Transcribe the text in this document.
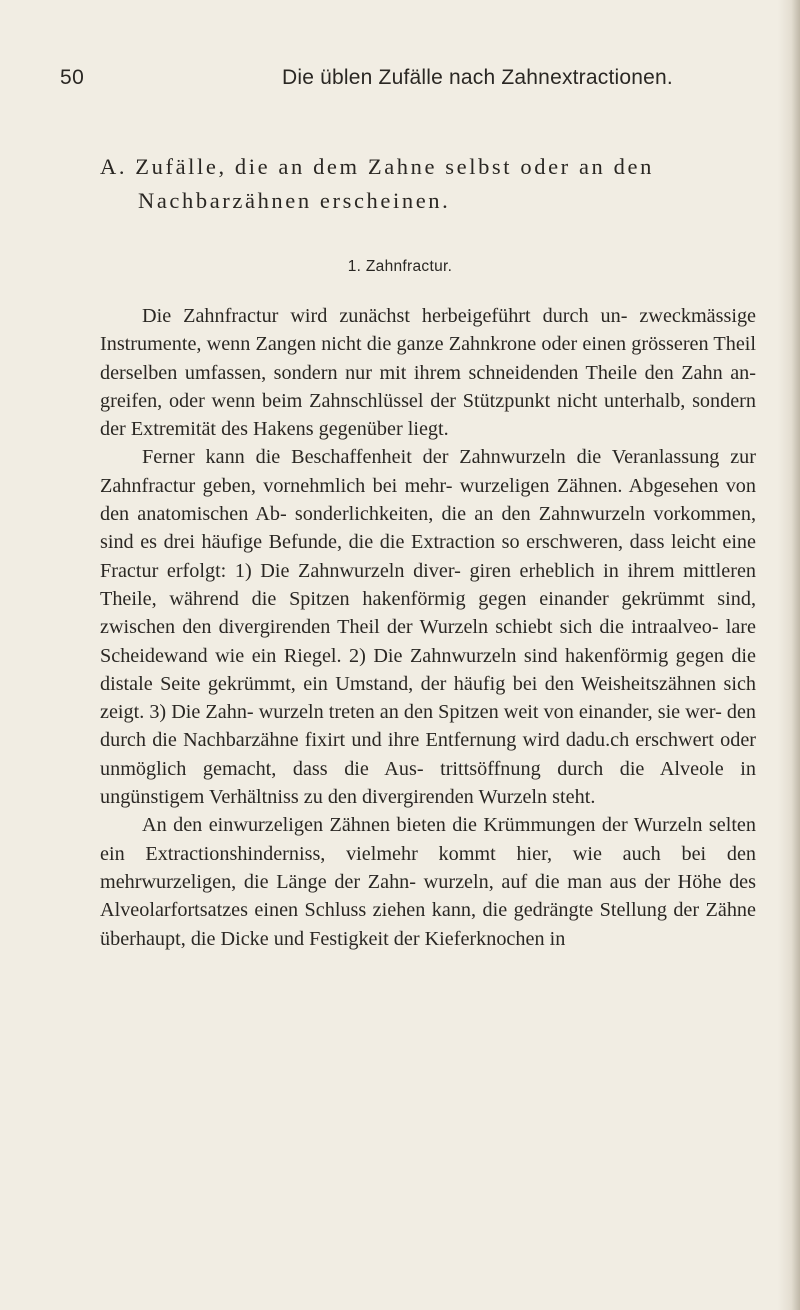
50	Die üblen Zufälle nach Zahnextractionen.
A. Zufälle, die an dem Zahne selbst oder an den
Nachbarzähnen erscheinen.
1. Zahnfractur.

Die Zahnfractur wird zunächst herbeigeführt durch un- zweckmässige Instrumente, wenn Zangen nicht die ganze Zahnkrone oder einen grösseren Theil derselben umfassen, sondern nur mit ihrem schneidenden Theile den Zahn an- greifen, oder wenn beim Zahnschlüssel der Stützpunkt nicht unterhalb, sondern der Extremität des Hakens gegenüber liegt.

Ferner kann die Beschaffenheit der Zahnwurzeln die Veranlassung zur Zahnfractur geben, vornehmlich bei mehr- wurzeligen Zähnen. Abgesehen von den anatomischen Ab- sonderlichkeiten, die an den Zahnwurzeln vorkommen, sind es drei häufige Befunde, die die Extraction so erschweren, dass leicht eine Fractur erfolgt: 1) Die Zahnwurzeln diver- giren erheblich in ihrem mittleren Theile, während die Spitzen hakenförmig gegen einander gekrümmt sind, zwischen den divergirenden Theil der Wurzeln schiebt sich die intraalveo- lare Scheidewand wie ein Riegel. 2) Die Zahnwurzeln sind hakenförmig gegen die distale Seite gekrümmt, ein Umstand, der häufig bei den Weisheitszähnen sich zeigt. 3) Die Zahn- wurzeln treten an den Spitzen weit von einander, sie wer- den durch die Nachbarzähne fixirt und ihre Entfernung wird dadu.ch erschwert oder unmöglich gemacht, dass die Aus- trittsöffnung durch die Alveole in ungünstigem Verhältniss zu den divergirenden Wurzeln steht.

An den einwurzeligen Zähnen bieten die Krümmungen der Wurzeln selten ein Extractionshinderniss, vielmehr kommt hier, wie auch bei den mehrwurzeligen, die Länge der Zahn- wurzeln, auf die man aus der Höhe des Alveolarfortsatzes einen Schluss ziehen kann, die gedrängte Stellung der Zähne überhaupt, die Dicke und Festigkeit der Kieferknochen in
